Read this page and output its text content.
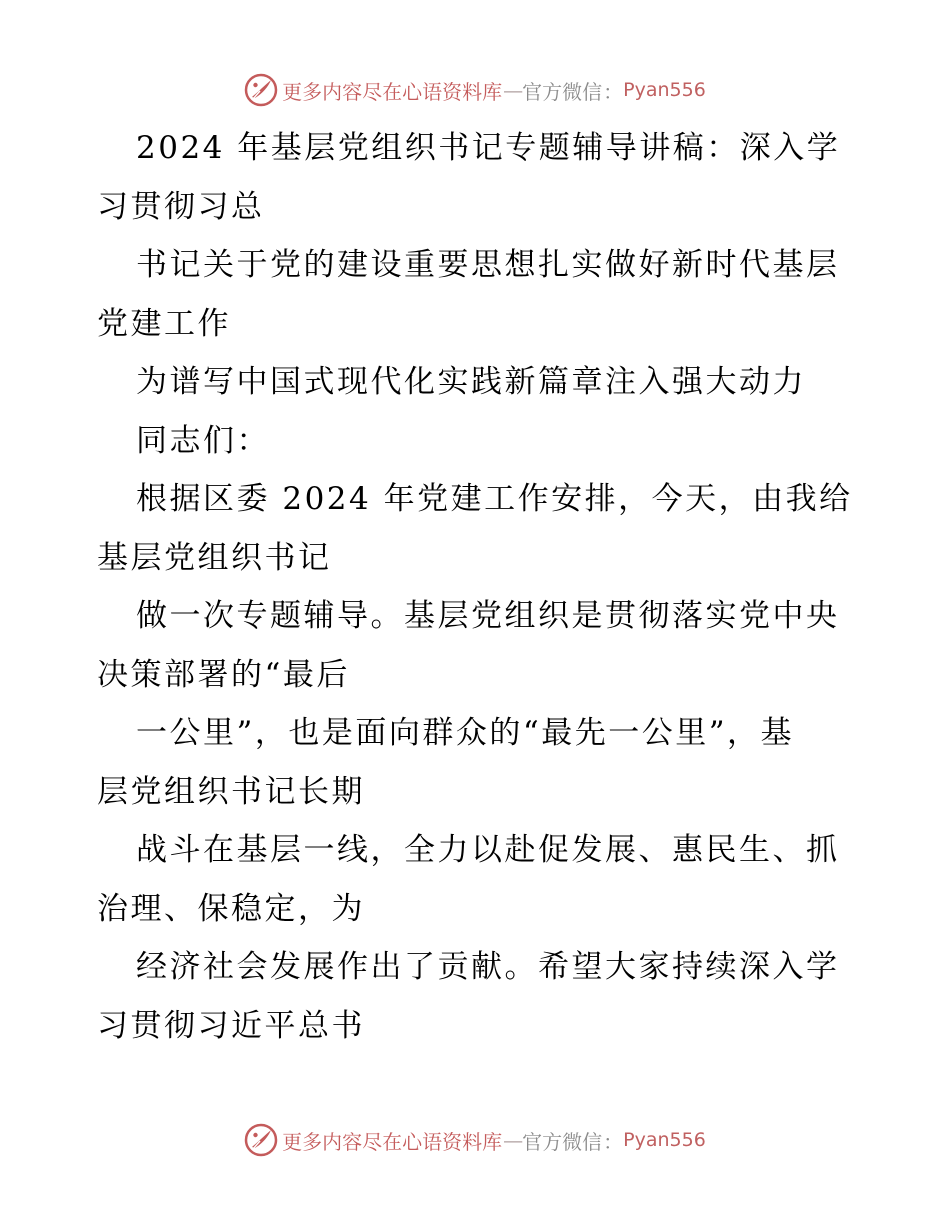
更多内容尽在心语资料库 — 官方微信 ： Pyan556
2024 年基层党组织书记专题辅导讲稿：深入学
习贯彻习总
书记关于党的建设重要思想扎实做好新时代基层
党建工作
为谱写中国式现代化实践新篇章注入强大动力
同志们：
根据区委 2024 年党建工作安排，今天，由我给
基层党组织书记
做一次专题辅导。基层党组织是贯彻落实党中央
决策部署的“最后
一公里”，也是面向群众的“最先一公里”，基
层党组织书记长期
战斗在基层一线，全力以赴促发展、惠民生、抓
治理、保稳定，为
经济社会发展作出了贡献。希望大家持续深入学
习贯彻习近平总书
更多内容尽在心语资料库 — 官方微信 ： Pyan556
